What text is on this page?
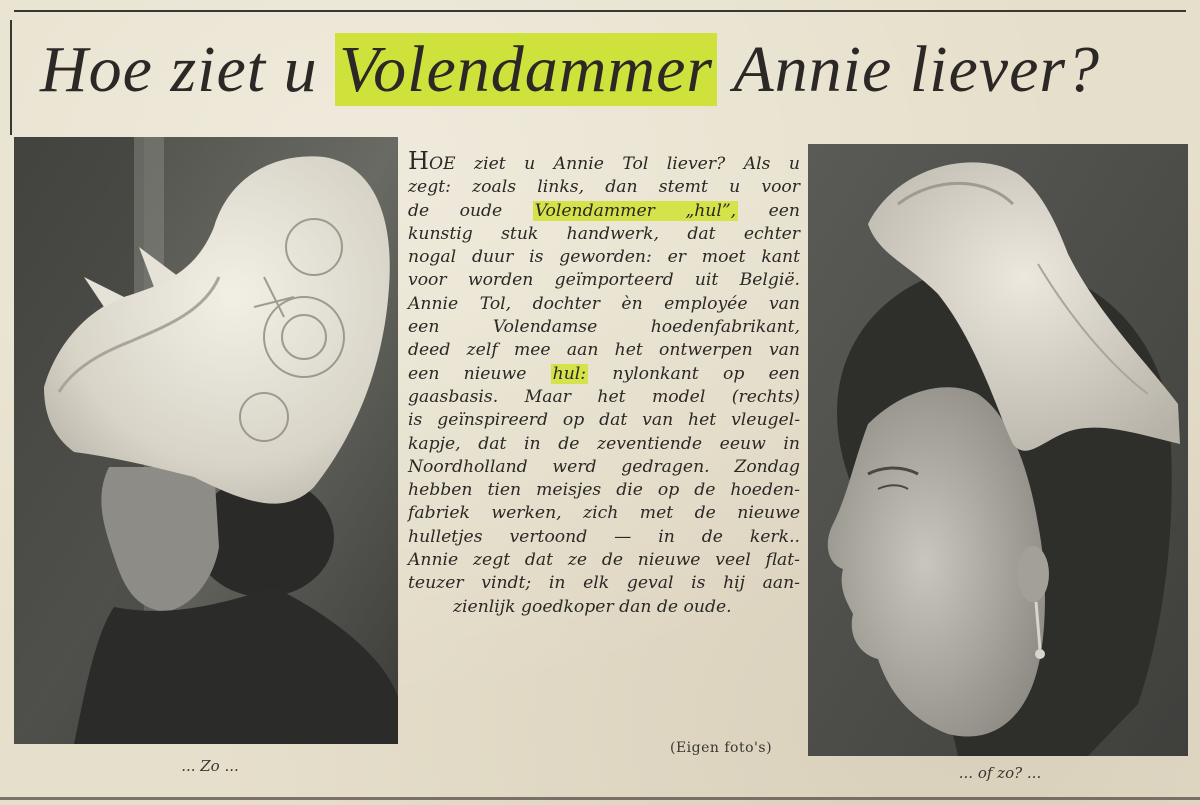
Hoe ziet u Volendammer Annie liever?
HOE ziet u Annie Tol liever? Als u
zegt: zoals links, dan stemt u voor
de oude Volendammer „hul”, een
kunstig stuk handwerk, dat echter
nogal duur is geworden: er moet kant
voor worden geïmporteerd uit België.
Annie Tol, dochter èn employée van
een Volendamse hoedenfabrikant,
deed zelf mee aan het ontwerpen van
een nieuwe hul: nylonkant op een
gaasbasis. Maar het model (rechts)
is geïnspireerd op dat van het vleugel-
kapje, dat in de zeventiende eeuw in
Noordholland werd gedragen. Zondag
hebben tien meisjes die op de hoeden-
fabriek werken, zich met de nieuwe
hulletjes vertoond — in de kerk..
Annie zegt dat ze de nieuwe veel flat-
teuzer vindt; in elk geval is hij aan-
zienlijk goedkoper dan de oude.
(Eigen foto's)
... Zo ...	... of zo? ...
